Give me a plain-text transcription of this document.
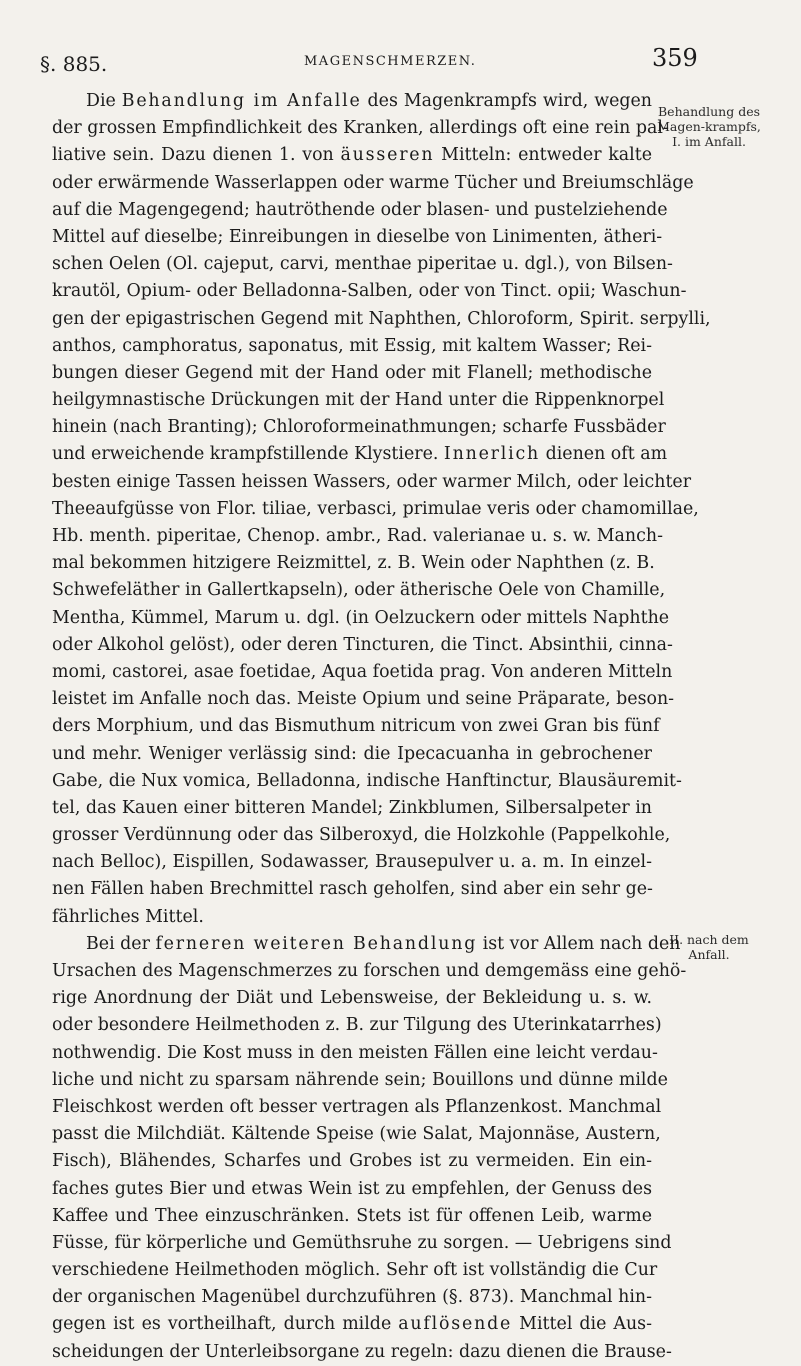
§. 885.	MAGENSCHMERZEN.	359
Behandlung des Magen-krampfs, I. im Anfall.
II. nach dem Anfall.
Die Behandlung im Anfalle des Magenkrampfs wird, wegen
der grossen Empfindlichkeit des Kranken, allerdings oft eine rein pal-
liative sein. Dazu dienen 1. von äusseren Mitteln: entweder kalte
oder erwärmende Wasserlappen oder warme Tücher und Breiumschläge
auf die Magengegend; hautröthende oder blasen- und pustelziehende
Mittel auf dieselbe; Einreibungen in dieselbe von Linimenten, ätheri-
schen Oelen (Ol. cajeput, carvi, menthae piperitae u. dgl.), von Bilsen-
krautöl, Opium- oder Belladonna-Salben, oder von Tinct. opii; Waschun-
gen der epigastrischen Gegend mit Naphthen, Chloroform, Spirit. serpylli,
anthos, camphoratus, saponatus, mit Essig, mit kaltem Wasser; Rei-
bungen dieser Gegend mit der Hand oder mit Flanell; methodische
heilgymnastische Drückungen mit der Hand unter die Rippenknorpel
hinein (nach Branting); Chloroformeinathmungen; scharfe Fussbäder
und erweichende krampfstillende Klystiere. Innerlich dienen oft am
besten einige Tassen heissen Wassers, oder warmer Milch, oder leichter
Theeaufgüsse von Flor. tiliae, verbasci, primulae veris oder chamomillae,
Hb. menth. piperitae, Chenop. ambr., Rad. valerianae u. s. w. Manch-
mal bekommen hitzigere Reizmittel, z. B. Wein oder Naphthen (z. B.
Schwefeläther in Gallertkapseln), oder ätherische Oele von Chamille,
Mentha, Kümmel, Marum u. dgl. (in Oelzuckern oder mittels Naphthe
oder Alkohol gelöst), oder deren Tincturen, die Tinct. Absinthii, cinna-
momi, castorei, asae foetidae, Aqua foetida prag. Von anderen Mitteln
leistet im Anfalle noch das. Meiste Opium und seine Präparate, beson-
ders Morphium, und das Bismuthum nitricum von zwei Gran bis fünf
und mehr. Weniger verlässig sind: die Ipecacuanha in gebrochener
Gabe, die Nux vomica, Belladonna, indische Hanftinctur, Blausäuremit-
tel, das Kauen einer bitteren Mandel; Zinkblumen, Silbersalpeter in
grosser Verdünnung oder das Silberoxyd, die Holzkohle (Pappelkohle,
nach Belloc), Eispillen, Sodawasser, Brausepulver u. a. m. In einzel-
nen Fällen haben Brechmittel rasch geholfen, sind aber ein sehr ge-
fährliches Mittel.
Bei der ferneren weiteren Behandlung ist vor Allem nach den
Ursachen des Magenschmerzes zu forschen und demgemäss eine gehö-
rige Anordnung der Diät und Lebensweise, der Bekleidung u. s. w.
oder besondere Heilmethoden z. B. zur Tilgung des Uterinkatarrhes)
nothwendig. Die Kost muss in den meisten Fällen eine leicht verdau-
liche und nicht zu sparsam nährende sein; Bouillons und dünne milde
Fleischkost werden oft besser vertragen als Pflanzenkost. Manchmal
passt die Milchdiät. Kältende Speise (wie Salat, Majonnäse, Austern,
Fisch), Blähendes, Scharfes und Grobes ist zu vermeiden. Ein ein-
faches gutes Bier und etwas Wein ist zu empfehlen, der Genuss des
Kaffee und Thee einzuschränken. Stets ist für offenen Leib, warme
Füsse, für körperliche und Gemüthsruhe zu sorgen. — Uebrigens sind
verschiedene Heilmethoden möglich. Sehr oft ist vollständig die Cur
der organischen Magenübel durchzuführen (§. 873). Manchmal hin-
gegen ist es vortheilhaft, durch milde auflösende Mittel die Aus-
scheidungen der Unterleibsorgane zu regeln: dazu dienen die Brause-
